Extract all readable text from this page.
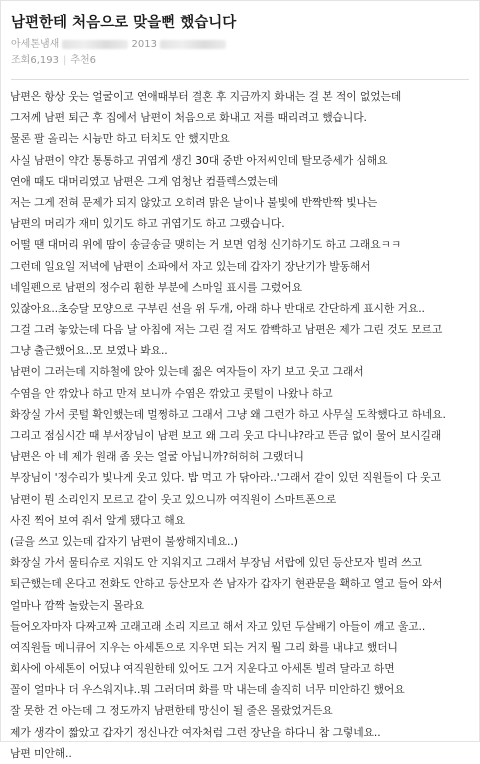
남편한테 처음으로 맞을뻔 했습니다
아세톤냄새	2013
조회6,193 | 추천6
남편은 항상 웃는 얼굴이고 연애때부터 결혼 후 지금까지 화내는 걸 본 적이 없었는데
그저께 남편 퇴근 후 집에서 남편이 처음으로 화내고 저를 때리려고 했습니다.
물론 팔 올리는 시늉만 하고 터치도 안 했지만요
사실 남편이 약간 통통하고 귀엽게 생긴 30대 중반 아저씨인데 탈모증세가 심해요
연애 때도 대머리였고 남편은 그게 엄청난 컴플렉스였는데
저는 그게 전혀 문제가 되지 않았고 오히려 맑은 날이나 불빛에 반짝반짝 빛나는
남편의 머리가 재미 있기도 하고 귀엽기도 하고 그랬습니다.
어떨 땐 대머리 위에 땀이 송글송글 맺히는 거 보면 엄청 신기하기도 하고 그래요ㅋㅋ
그런데 일요일 저녁에 남편이 소파에서 자고 있는데 갑자기 장난기가 발동해서
네일펜으로 남편의 정수리 훤한 부분에 스마일 표시를 그렸어요
있잖아요..초승달 모양으로 구부린 선을 위 두개, 아래 하나 반대로 간단하게 표시한 거요..
그걸 그려 놓았는데 다음 날 아침에 저는 그린 걸 저도 깜빡하고 남편은 제가 그린 것도 모르고
그냥 출근했어요..모 보였나 봐요..
남편이 그러는데 지하철에 앉아 있는데 젊은 여자들이 자기 보고 웃고 그래서
수염을 안 깎았나 하고 만져 보니까 수염은 깎았고 콧털이 나왔나 하고
화장실 가서 콧털 확인했는데 멀쩡하고 그래서 그냥 왜 그런가 하고 사무실 도착했다고 하네요.
그리고 점심시간 때 부서장님이 남편 보고 왜 그리 웃고 다니냐?라고 뜬금 없이 물어 보시길래
남편은 아 네 제가 원래 좀 웃는 얼굴 아닙니까?허허허 그랬더니
부장님이 '정수리가 빛나게 웃고 있다. 밥 먹고 가 닦아라..'그래서 같이 있던 직원들이 다 웃고
남편이 뭔 소리인지 모르고 같이 웃고 있으니까 여직원이 스마트폰으로
사진 찍어 보여 줘서 알게 됐다고 해요
(글을 쓰고 있는데 갑자기 남편이 불쌍해지네요..)
화장실 가서 물티슈로 지워도 안 지워지고 그래서 부장님 서랍에 있던 등산모자 빌려 쓰고
퇴근했는데 온다고 전화도 안하고 등산모자 쓴 남자가 갑자기 현관문을 홱하고 열고 들어 와서
얼마나 깜짝 놀랐는지 몰라요
들어오자마자 다짜고짜 고래고래 소리 지르고 해서 자고 있던 두살배기 아들이 깨고 울고..
여직원들 메니큐어 지우는 아세톤으로 지우면 되는 거지 뭘 그리 화를 내냐고 했더니
회사에 아세톤이 어딨냐 여직원한테 있어도 그거 지운다고 아세톤 빌려 달라고 하면
꼴이 얼마나 더 우스워지냐..뭐 그러더며 화를 막 내는데 솔직히 너무 미안하긴 했어요
잘 못한 건 아는데 그 정도까지 남편한테 망신이 될 줄은 몰랐었거든요
제가 생각이 짧았고 갑자기 정신나간 여자처럼 그런 장난을 하다니 참 그렇네요..
남편 미안해..
